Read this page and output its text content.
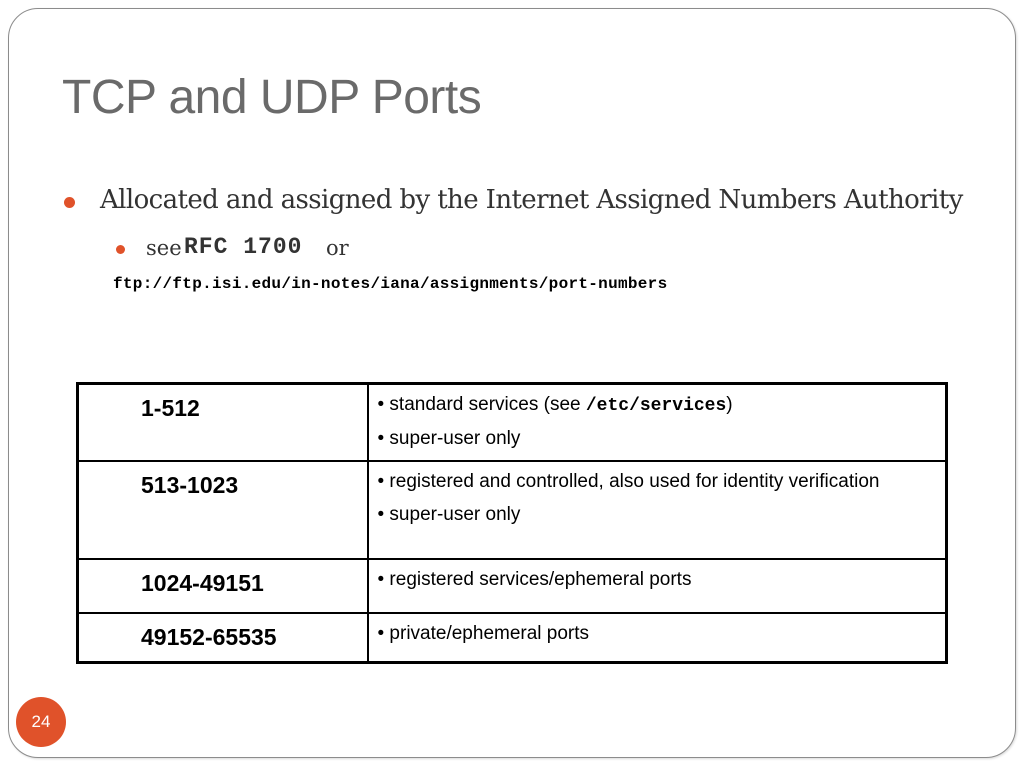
TCP and UDP Ports
Allocated and assigned by the Internet Assigned Numbers Authority
see RFC 1700 or
ftp://ftp.isi.edu/in-notes/iana/assignments/port-numbers
1-512	• standard services (see /etc/services)
• super-user only

513-1023	• registered and controlled, also used for identity verification
• super-user only

1024-49151	• registered services/ephemeral ports

49152-65535	• private/ephemeral ports
24
